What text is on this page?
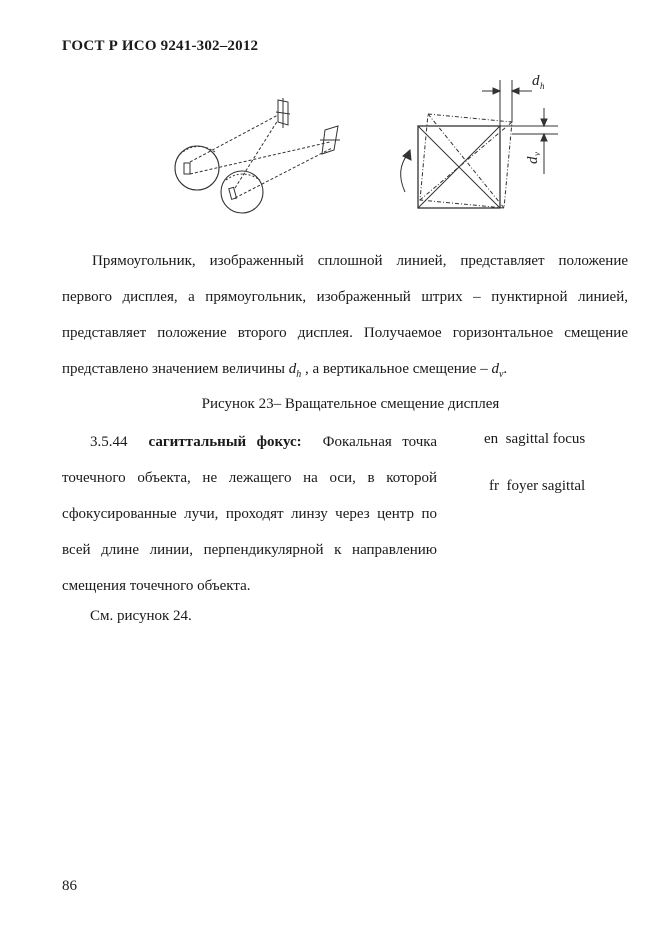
ГОСТ Р ИСО 9241-302–2012
d h
d
v
Прямоугольник, изображенный сплошной линией, представляет положение
первого дисплея, а прямоугольник, изображенный штрих – пунктирной линией,
представляет положение второго дисплея. Получаемое горизонтальное смещение
представлено значением величины $d_h$ , а вертикальное смещение – $d_v$.
Рисунок 23– Вращательное смещение дисплея
3.5.44 сагиттальный фокус: Фокальная точка
точечного объекта, не лежащего на оси, в которой
сфокусированные лучи, проходят линзу через центр по
всей длине линии, перпендикулярной к направлению
смещения точечного объекта.
en sagittal focus
fr foyer sagittal
См. рисунок 24.
86
